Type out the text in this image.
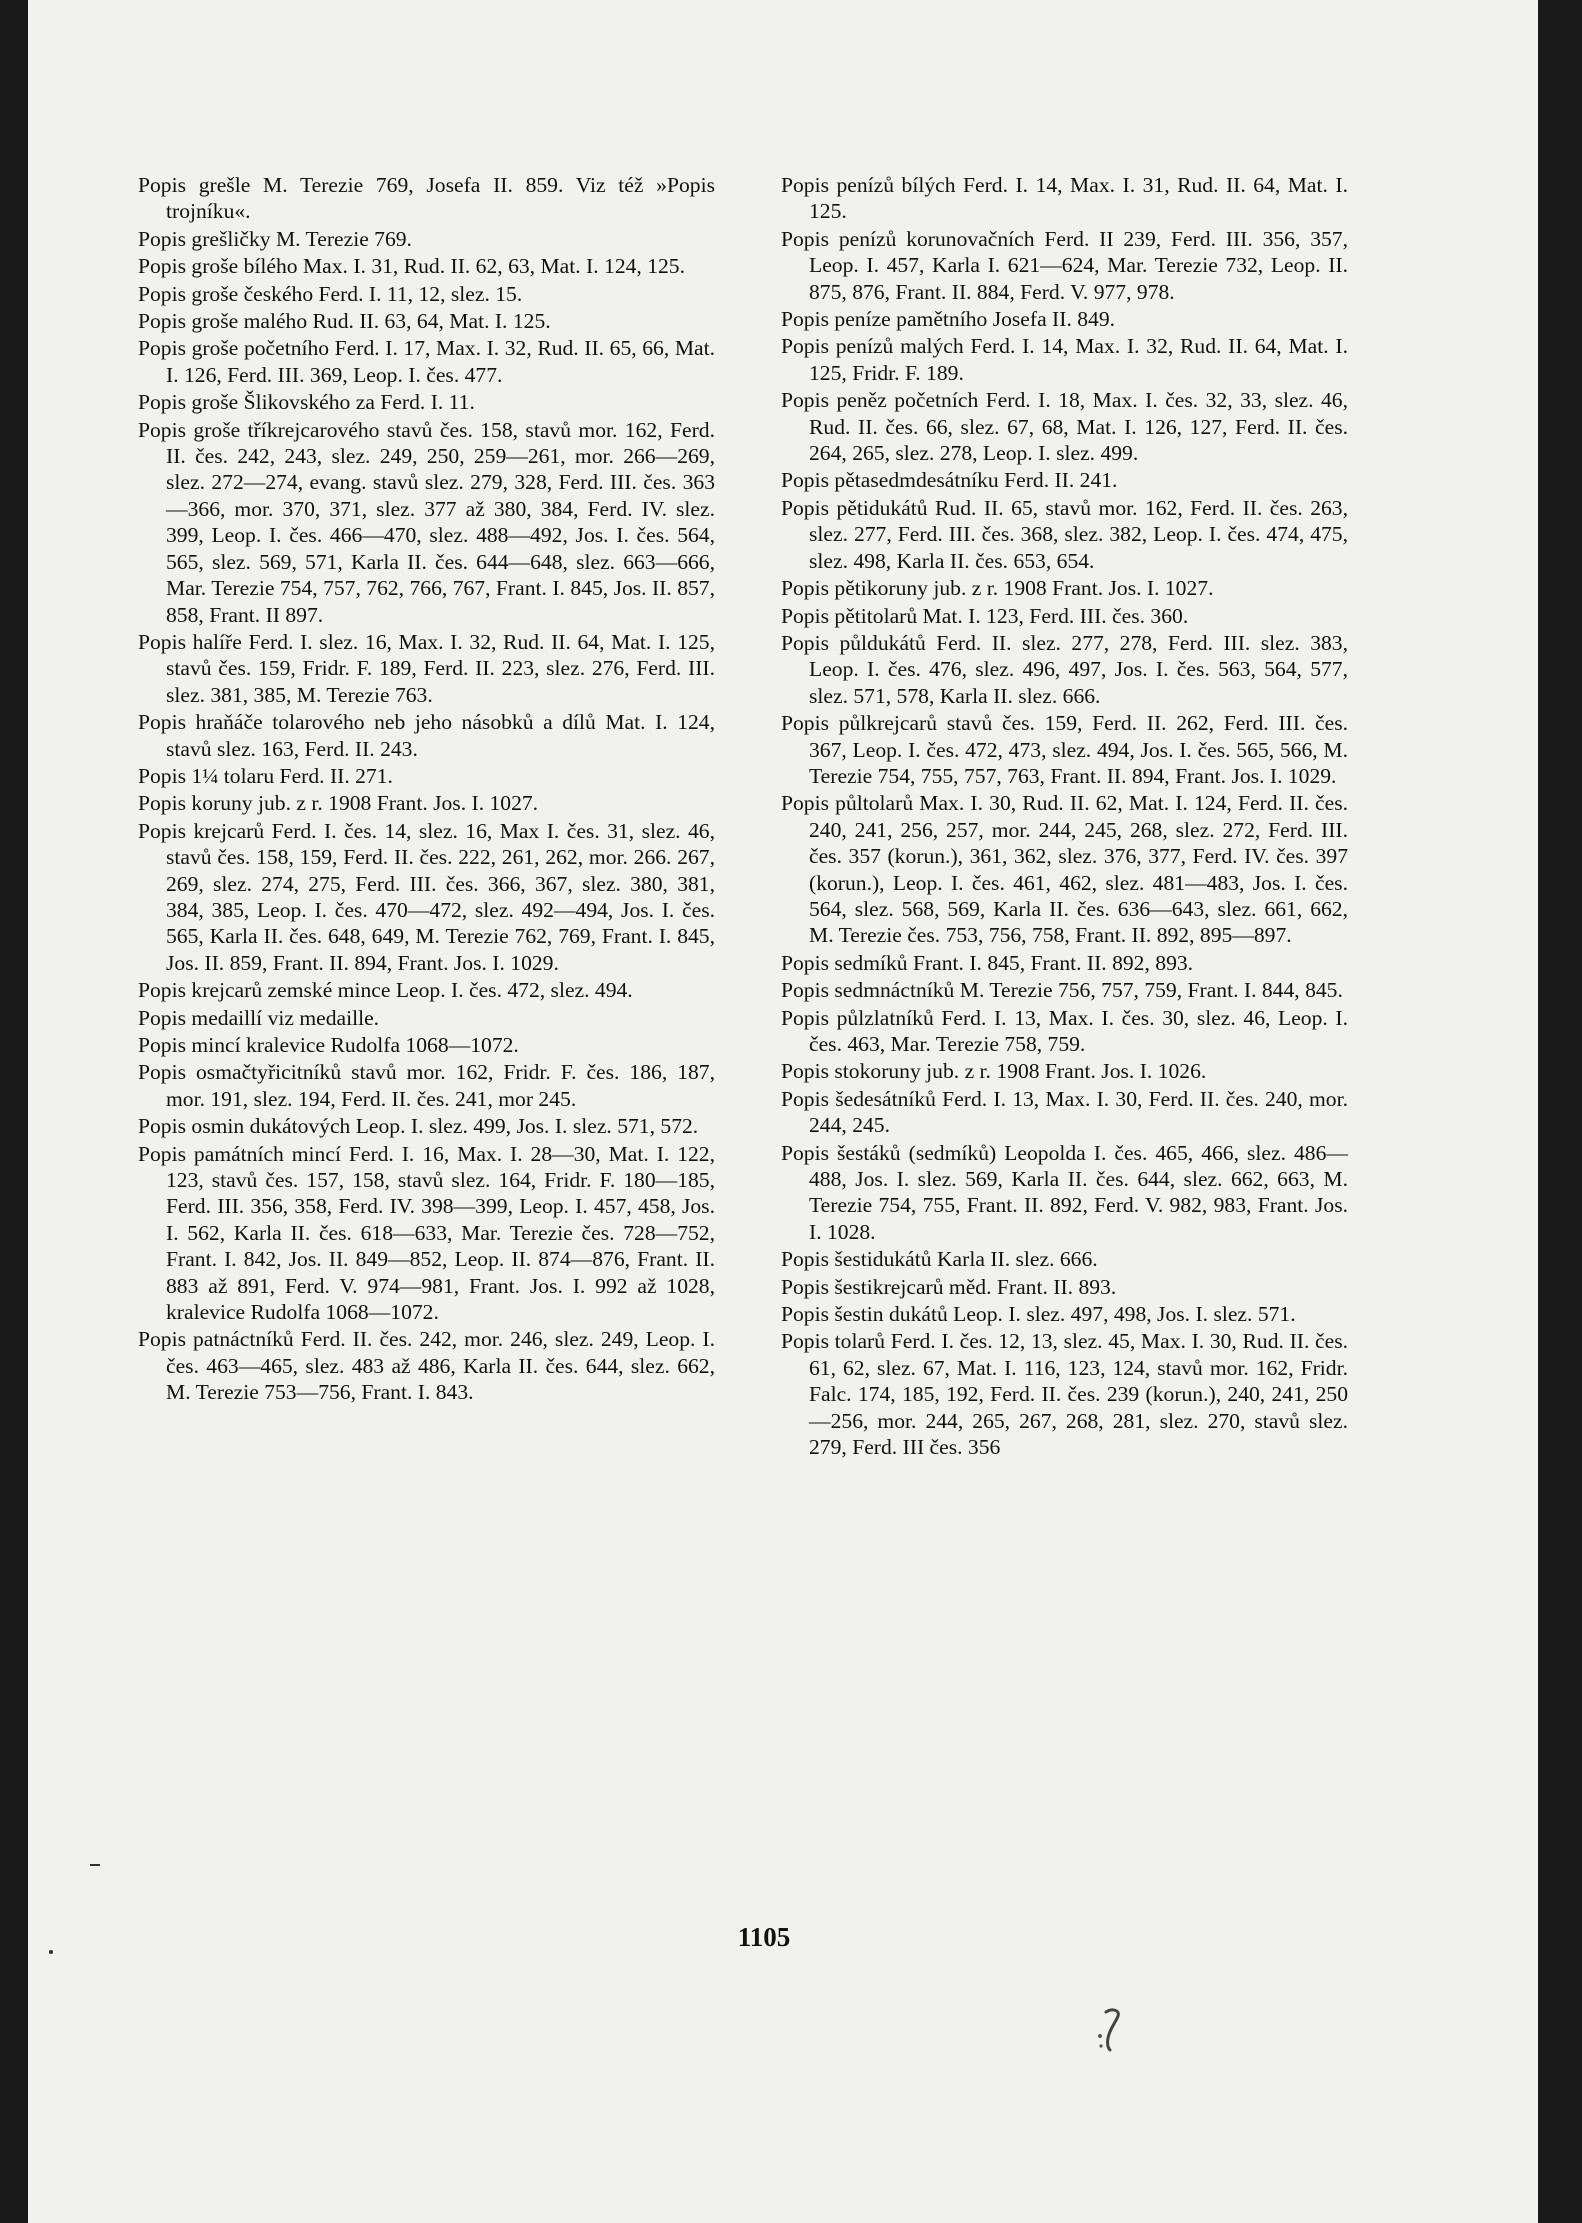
Popis grešle M. Terezie 769, Josefa II. 859. Viz též »Popis trojníku«.

Popis grešličky M. Terezie 769.

Popis groše bílého Max. I. 31, Rud. II. 62, 63, Mat. I. 124, 125.

Popis groše českého Ferd. I. 11, 12, slez. 15.

Popis groše malého Rud. II. 63, 64, Mat. I. 125.

Popis groše početního Ferd. I. 17, Max. I. 32, Rud. II. 65, 66, Mat. I. 126, Ferd. III. 369, Leop. I. čes. 477.

Popis groše Šlikovského za Ferd. I. 11.

Popis groše tříkrejcarového stavů čes. 158, stavů mor. 162, Ferd. II. čes. 242, 243, slez. 249, 250, 259—261, mor. 266—269, slez. 272—274, evang. stavů slez. 279, 328, Ferd. III. čes. 363—366, mor. 370, 371, slez. 377 až 380, 384, Ferd. IV. slez. 399, Leop. I. čes. 466—470, slez. 488—492, Jos. I. čes. 564, 565, slez. 569, 571, Karla II. čes. 644—648, slez. 663—666, Mar. Terezie 754, 757, 762, 766, 767, Frant. I. 845, Jos. II. 857, 858, Frant. II 897.

Popis halíře Ferd. I. slez. 16, Max. I. 32, Rud. II. 64, Mat. I. 125, stavů čes. 159, Fridr. F. 189, Ferd. II. 223, slez. 276, Ferd. III. slez. 381, 385, M. Terezie 763.

Popis hraňáče tolarového neb jeho násobků a dílů Mat. I. 124, stavů slez. 163, Ferd. II. 243.

Popis 1¼ tolaru Ferd. II. 271.

Popis koruny jub. z r. 1908 Frant. Jos. I. 1027.

Popis krejcarů Ferd. I. čes. 14, slez. 16, Max I. čes. 31, slez. 46, stavů čes. 158, 159, Ferd. II. čes. 222, 261, 262, mor. 266. 267, 269, slez. 274, 275, Ferd. III. čes. 366, 367, slez. 380, 381, 384, 385, Leop. I. čes. 470—472, slez. 492—494, Jos. I. čes. 565, Karla II. čes. 648, 649, M. Terezie 762, 769, Frant. I. 845, Jos. II. 859, Frant. II. 894, Frant. Jos. I. 1029.

Popis krejcarů zemské mince Leop. I. čes. 472, slez. 494.

Popis medaillí viz medaille.

Popis mincí kralevice Rudolfa 1068—1072.

Popis osmačtyřicitníků stavů mor. 162, Fridr. F. čes. 186, 187, mor. 191, slez. 194, Ferd. II. čes. 241, mor 245.

Popis osmin dukátových Leop. I. slez. 499, Jos. I. slez. 571, 572.

Popis památních mincí Ferd. I. 16, Max. I. 28—30, Mat. I. 122, 123, stavů čes. 157, 158, stavů slez. 164, Fridr. F. 180—185, Ferd. III. 356, 358, Ferd. IV. 398—399, Leop. I. 457, 458, Jos. I. 562, Karla II. čes. 618—633, Mar. Terezie čes. 728—752, Frant. I. 842, Jos. II. 849—852, Leop. II. 874—876, Frant. II. 883 až 891, Ferd. V. 974—981, Frant. Jos. I. 992 až 1028, kralevice Rudolfa 1068—1072.

Popis patnáctníků Ferd. II. čes. 242, mor. 246, slez. 249, Leop. I. čes. 463—465, slez. 483 až 486, Karla II. čes. 644, slez. 662, M. Terezie 753—756, Frant. I. 843.

Popis penízů bílých Ferd. I. 14, Max. I. 31, Rud. II. 64, Mat. I. 125.

Popis penízů korunovačních Ferd. II 239, Ferd. III. 356, 357, Leop. I. 457, Karla I. 621—624, Mar. Terezie 732, Leop. II. 875, 876, Frant. II. 884, Ferd. V. 977, 978.

Popis peníze pamětního Josefa II. 849.

Popis penízů malých Ferd. I. 14, Max. I. 32, Rud. II. 64, Mat. I. 125, Fridr. F. 189.

Popis peněz početních Ferd. I. 18, Max. I. čes. 32, 33, slez. 46, Rud. II. čes. 66, slez. 67, 68, Mat. I. 126, 127, Ferd. II. čes. 264, 265, slez. 278, Leop. I. slez. 499.

Popis pětasedmdesátníku Ferd. II. 241.

Popis pětidukátů Rud. II. 65, stavů mor. 162, Ferd. II. čes. 263, slez. 277, Ferd. III. čes. 368, slez. 382, Leop. I. čes. 474, 475, slez. 498, Karla II. čes. 653, 654.

Popis pětikoruny jub. z r. 1908 Frant. Jos. I. 1027.

Popis pětitolarů Mat. I. 123, Ferd. III. čes. 360.

Popis půldukátů Ferd. II. slez. 277, 278, Ferd. III. slez. 383, Leop. I. čes. 476, slez. 496, 497, Jos. I. čes. 563, 564, 577, slez. 571, 578, Karla II. slez. 666.

Popis půlkrejcarů stavů čes. 159, Ferd. II. 262, Ferd. III. čes. 367, Leop. I. čes. 472, 473, slez. 494, Jos. I. čes. 565, 566, M. Terezie 754, 755, 757, 763, Frant. II. 894, Frant. Jos. I. 1029.

Popis půltolarů Max. I. 30, Rud. II. 62, Mat. I. 124, Ferd. II. čes. 240, 241, 256, 257, mor. 244, 245, 268, slez. 272, Ferd. III. čes. 357 (korun.), 361, 362, slez. 376, 377, Ferd. IV. čes. 397 (korun.), Leop. I. čes. 461, 462, slez. 481—483, Jos. I. čes. 564, slez. 568, 569, Karla II. čes. 636—643, slez. 661, 662, M. Terezie čes. 753, 756, 758, Frant. II. 892, 895—897.

Popis sedmíků Frant. I. 845, Frant. II. 892, 893.

Popis sedmnáctníků M. Terezie 756, 757, 759, Frant. I. 844, 845.

Popis půlzlatníků Ferd. I. 13, Max. I. čes. 30, slez. 46, Leop. I. čes. 463, Mar. Terezie 758, 759.

Popis stokoruny jub. z r. 1908 Frant. Jos. I. 1026.

Popis šedesátníků Ferd. I. 13, Max. I. 30, Ferd. II. čes. 240, mor. 244, 245.

Popis šestáků (sedmíků) Leopolda I. čes. 465, 466, slez. 486—488, Jos. I. slez. 569, Karla II. čes. 644, slez. 662, 663, M. Terezie 754, 755, Frant. II. 892, Ferd. V. 982, 983, Frant. Jos. I. 1028.

Popis šestidukátů Karla II. slez. 666.

Popis šestikrejcarů měd. Frant. II. 893.

Popis šestin dukátů Leop. I. slez. 497, 498, Jos. I. slez. 571.

Popis tolarů Ferd. I. čes. 12, 13, slez. 45, Max. I. 30, Rud. II. čes. 61, 62, slez. 67, Mat. I. 116, 123, 124, stavů mor. 162, Fridr. Falc. 174, 185, 192, Ferd. II. čes. 239 (korun.), 240, 241, 250—256, mor. 244, 265, 267, 268, 281, slez. 270, stavů slez. 279, Ferd. III čes. 356

1105
